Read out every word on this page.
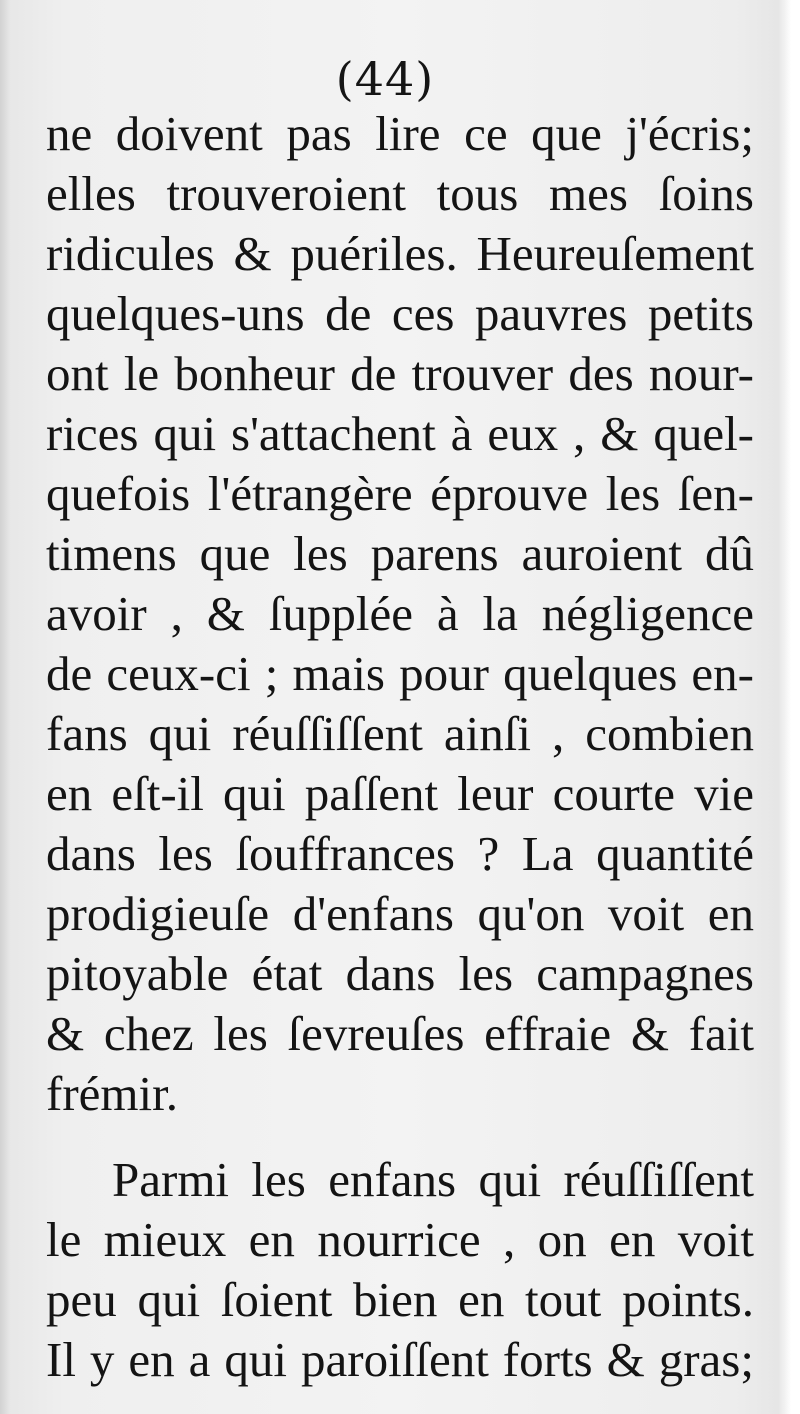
(44)
ne doivent pas lire ce que j'écris;
elles trouveroient tous mes ſoins
ridicules & puériles. Heureuſement
quelques-uns de ces pauvres petits
ont le bonheur de trouver des nour-
rices qui s'attachent à eux , & quel-
quefois l'étrangère éprouve les ſen-
timens que les parens auroient dû
avoir , & ſupplée à la négligence
de ceux-ci ; mais pour quelques en-
fans qui réuſſiſſent ainſi , combien
en eſt-il qui paſſent leur courte vie
dans les ſouffrances ? La quantité
prodigieuſe d'enfans qu'on voit en
pitoyable état dans les campagnes
& chez les ſevreuſes effraie & fait
frémir.
Parmi les enfans qui réuſſiſſent
le mieux en nourrice , on en voit
peu qui ſoient bien en tout points.
Il y en a qui paroiſſent forts & gras;
